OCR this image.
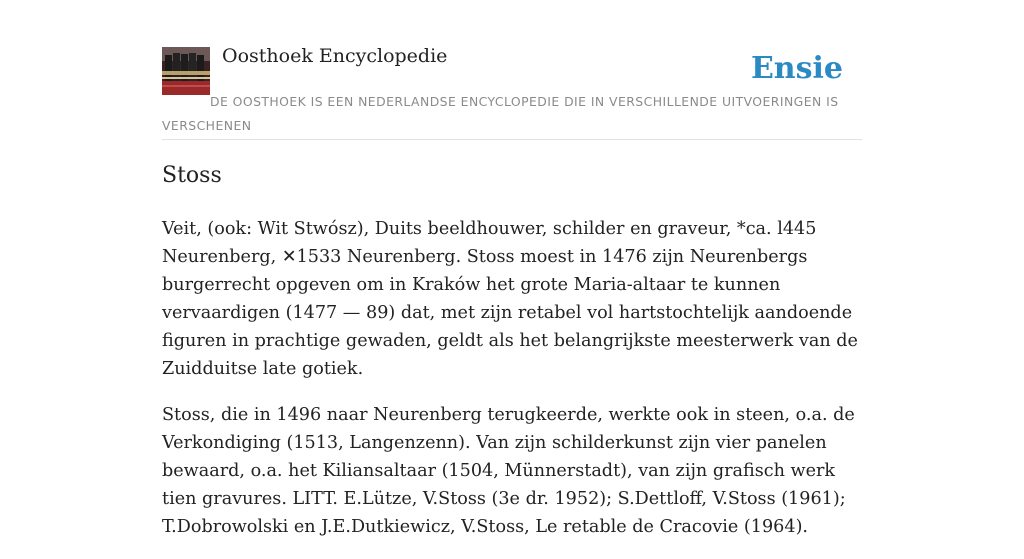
Oosthoek Encyclopedie	Ensie
DE OOSTHOEK IS EEN NEDERLANDSE ENCYCLOPEDIE DIE IN VERSCHILLENDE UITVOERINGEN IS VERSCHENEN
Stoss

Veit, (ook: Wit Stwósz), Duits beeldhouwer, schilder en graveur, *ca. l445 Neurenberg, ✕1533 Neurenberg. Stoss moest in 1476 zijn Neurenbergs burgerrecht opgeven om in Kraków het grote Maria-altaar te kunnen vervaardigen (1477 — 89) dat, met zijn retabel vol hartstochtelijk aandoende figuren in prachtige gewaden, geldt als het belangrijkste meesterwerk van de Zuidduitse late gotiek.

Stoss, die in 1496 naar Neurenberg terugkeerde, werkte ook in steen, o.a. de Verkondiging (1513, Langenzenn). Van zijn schilderkunst zijn vier panelen bewaard, o.a. het Kiliansaltaar (1504, Münnerstadt), van zijn grafisch werk tien gravures. LITT. E.Lütze, V.Stoss (3e dr. 1952); S.Dettloff, V.Stoss (1961); T.Dobrowolski en J.E.Dutkiewicz, V.Stoss, Le retable de Cracovie (1964).
